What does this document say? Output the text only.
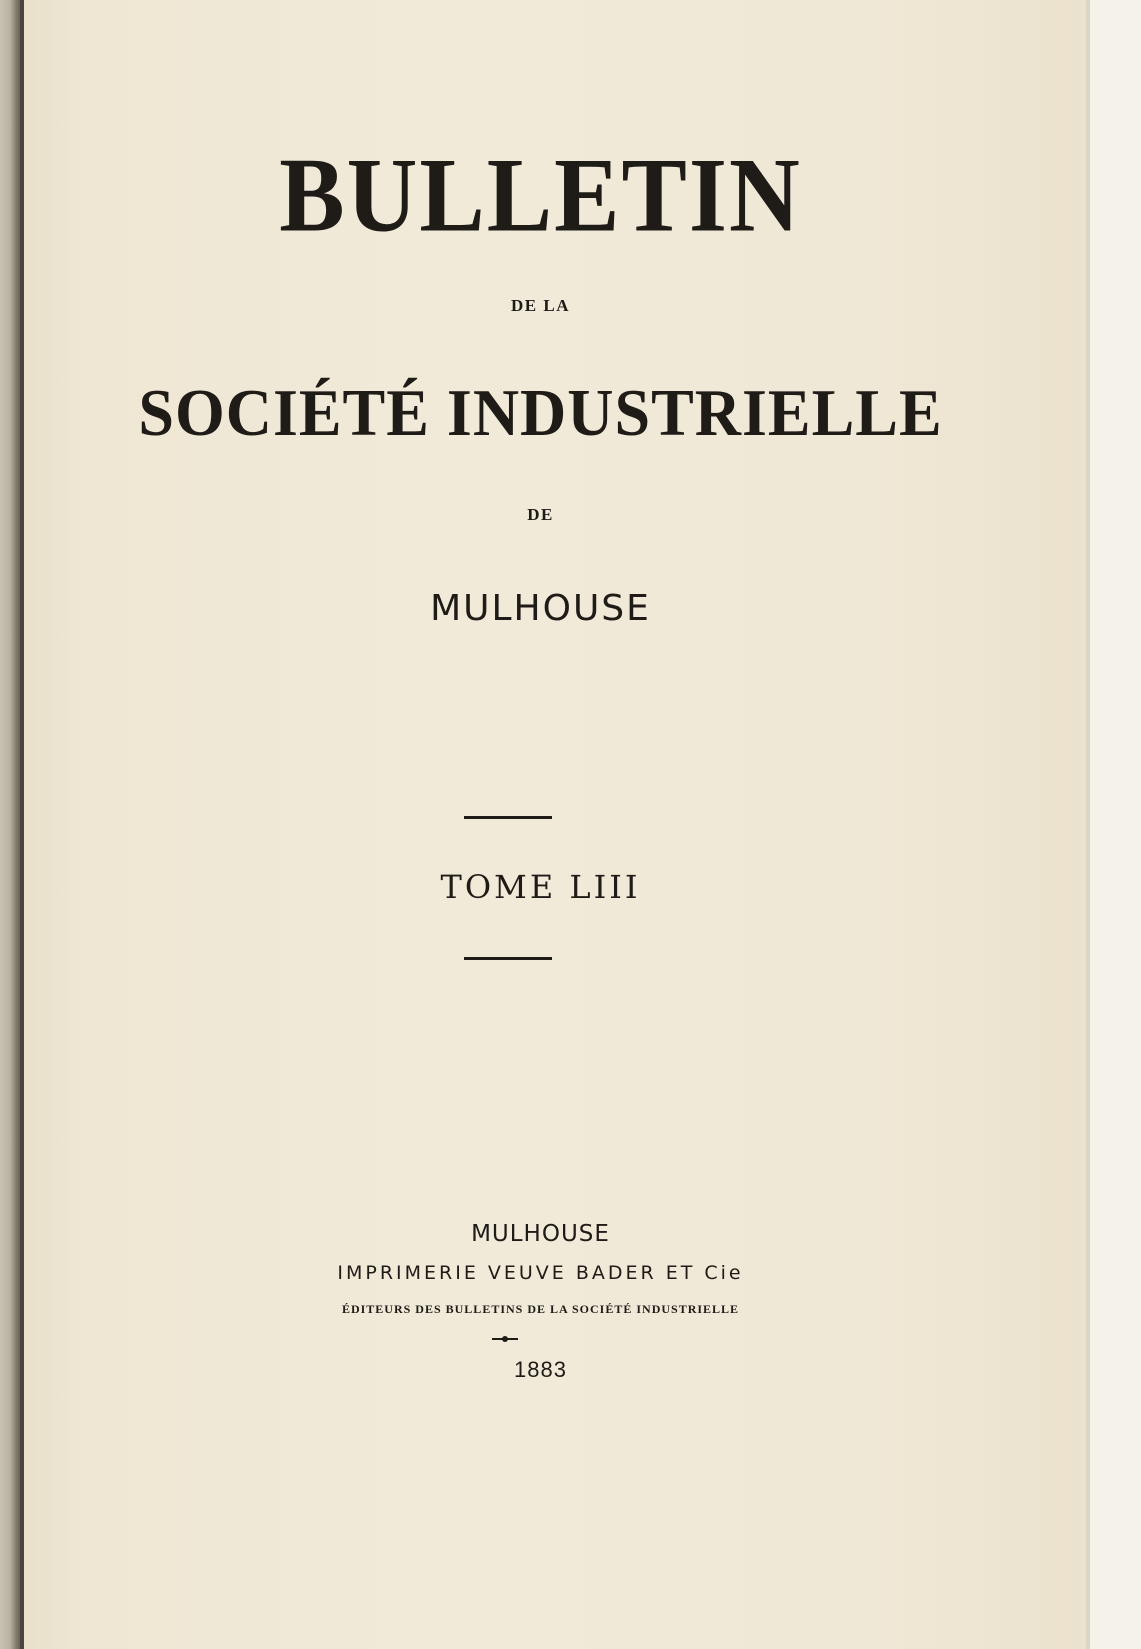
BULLETIN
DE LA
SOCIÉTÉ INDUSTRIELLE
DE
MULHOUSE
TOME LIII
MULHOUSE
IMPRIMERIE VEUVE BADER ET Cie
ÉDITEURS DES BULLETINS DE LA SOCIÉTÉ INDUSTRIELLE
1883
